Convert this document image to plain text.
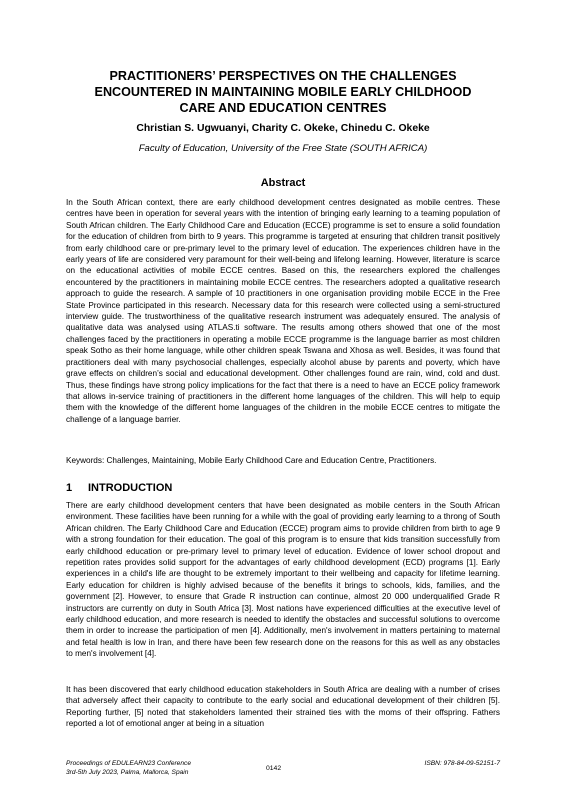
PRACTITIONERS’ PERSPECTIVES ON THE CHALLENGES
ENCOUNTERED IN MAINTAINING MOBILE EARLY CHILDHOOD
CARE AND EDUCATION CENTRES

Christian S. Ugwuanyi, Charity C. Okeke, Chinedu C. Okeke

Faculty of Education, University of the Free State (SOUTH AFRICA)

Abstract

In the South African context, there are early childhood development centres designated as mobile centres. These centres have been in operation for several years with the intention of bringing early learning to a teaming population of South African children. The Early Childhood Care and Education (ECCE) programme is set to ensure a solid foundation for the education of children from birth to 9 years. This programme is targeted at ensuring that children transit positively from early childhood care or pre-primary level to the primary level of education. The experiences children have in the early years of life are considered very paramount for their well-being and lifelong learning. However, literature is scarce on the educational activities of mobile ECCE centres. Based on this, the researchers explored the challenges encountered by the practitioners in maintaining mobile ECCE centres. The researchers adopted a qualitative research approach to guide the research. A sample of 10 practitioners in one organisation providing mobile ECCE in the Free State Province participated in this research. Necessary data for this research were collected using a semi-structured interview guide. The trustworthiness of the qualitative research instrument was adequately ensured. The analysis of qualitative data was analysed using ATLAS.ti software. The results among others showed that one of the most challenges faced by the practitioners in operating a mobile ECCE programme is the language barrier as most children speak Sotho as their home language, while other children speak Tswana and Xhosa as well. Besides, it was found that practitioners deal with many psychosocial challenges, especially alcohol abuse by parents and poverty, which have grave effects on children’s social and educational development. Other challenges found are rain, wind, cold and dust. Thus, these findings have strong policy implications for the fact that there is a need to have an ECCE policy framework that allows in-service training of practitioners in the different home languages of the children. This will help to equip them with the knowledge of the different home languages of the children in the mobile ECCE centres to mitigate the challenge of a language barrier.

Keywords: Challenges, Maintaining, Mobile Early Childhood Care and Education Centre, Practitioners.

1 INTRODUCTION

There are early childhood development centers that have been designated as mobile centers in the South African environment. These facilities have been running for a while with the goal of providing early learning to a throng of South African children. The Early Childhood Care and Education (ECCE) program aims to provide children from birth to age 9 with a strong foundation for their education. The goal of this program is to ensure that kids transition successfully from early childhood education or pre-primary level to primary level of education. Evidence of lower school dropout and repetition rates provides solid support for the advantages of early childhood development (ECD) programs [1]. Early experiences in a child's life are thought to be extremely important to their wellbeing and capacity for lifetime learning. Early education for children is highly advised because of the benefits it brings to schools, kids, families, and the government [2]. However, to ensure that Grade R instruction can continue, almost 20 000 underqualified Grade R instructors are currently on duty in South Africa [3]. Most nations have experienced difficulties at the executive level of early childhood education, and more research is needed to identify the obstacles and successful solutions to overcome them in order to increase the participation of men [4]. Additionally, men's involvement in matters pertaining to maternal and fetal health is low in Iran, and there have been few research done on the reasons for this as well as any obstacles to men's involvement [4].

It has been discovered that early childhood education stakeholders in South Africa are dealing with a number of crises that adversely affect their capacity to contribute to the early social and educational development of their children [5]. Reporting further, [5] noted that stakeholders lamented their strained ties with the moms of their offspring. Fathers reported a lot of emotional anger at being in a situation

Proceedings of EDULEARN23 Conference
3rd-5th July 2023, Palma, Mallorca, Spain
0142
ISBN: 978-84-09-52151-7
